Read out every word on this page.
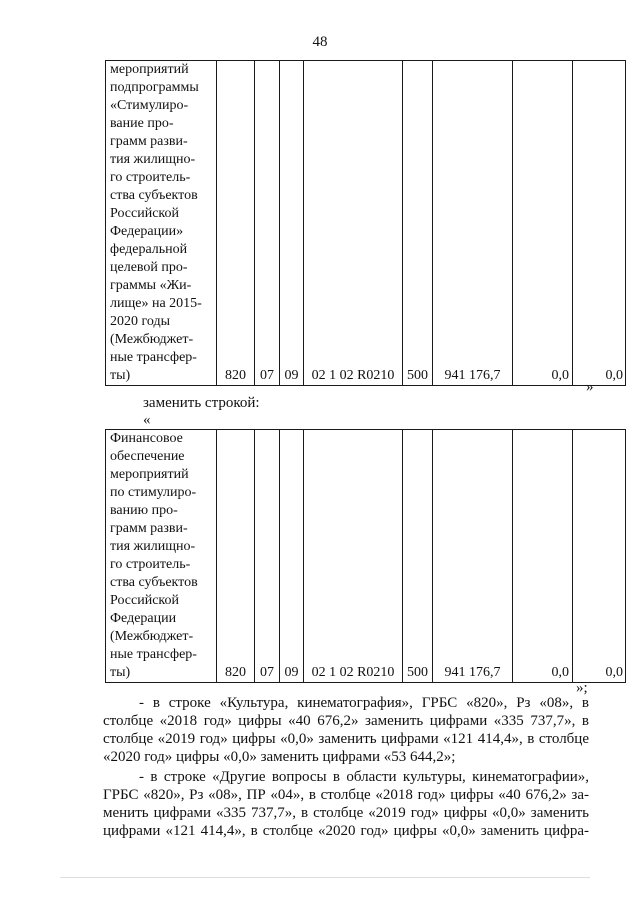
48
мероприятий
подпрограммы
«Стимулиро-
вание про-
грамм разви-
тия жилищно-
го строитель-
ства субъектов
Российской
Федерации»
федеральной
целевой про-
граммы «Жи-
лище» на 2015-
2020 годы
(Межбюджет-
ные трансфер-
ты)	820	07	09	02 1 02 R0210	500	941 176,7	0,0	0,0
»
заменить строкой:
«
Финансовое
обеспечение
мероприятий
по стимулиро-
ванию про-
грамм разви-
тия жилищно-
го строитель-
ства субъектов
Российской
Федерации
(Межбюджет-
ные трансфер-
ты)	820	07	09	02 1 02 R0210	500	941 176,7	0,0	0,0
»;
- в строке «Культура, кинематография», ГРБС «820», Рз «08», в
столбце «2018 год» цифры «40 676,2» заменить цифрами «335 737,7», в
столбце «2019 год» цифры «0,0» заменить цифрами «121 414,4», в столбце
«2020 год» цифры «0,0» заменить цифрами «53 644,2»;
- в строке «Другие вопросы в области культуры, кинематографии»,
ГРБС «820», Рз «08», ПР «04», в столбце «2018 год» цифры «40 676,2» за-
менить цифрами «335 737,7», в столбце «2019 год» цифры «0,0» заменить
цифрами «121 414,4», в столбце «2020 год» цифры «0,0» заменить цифра-
